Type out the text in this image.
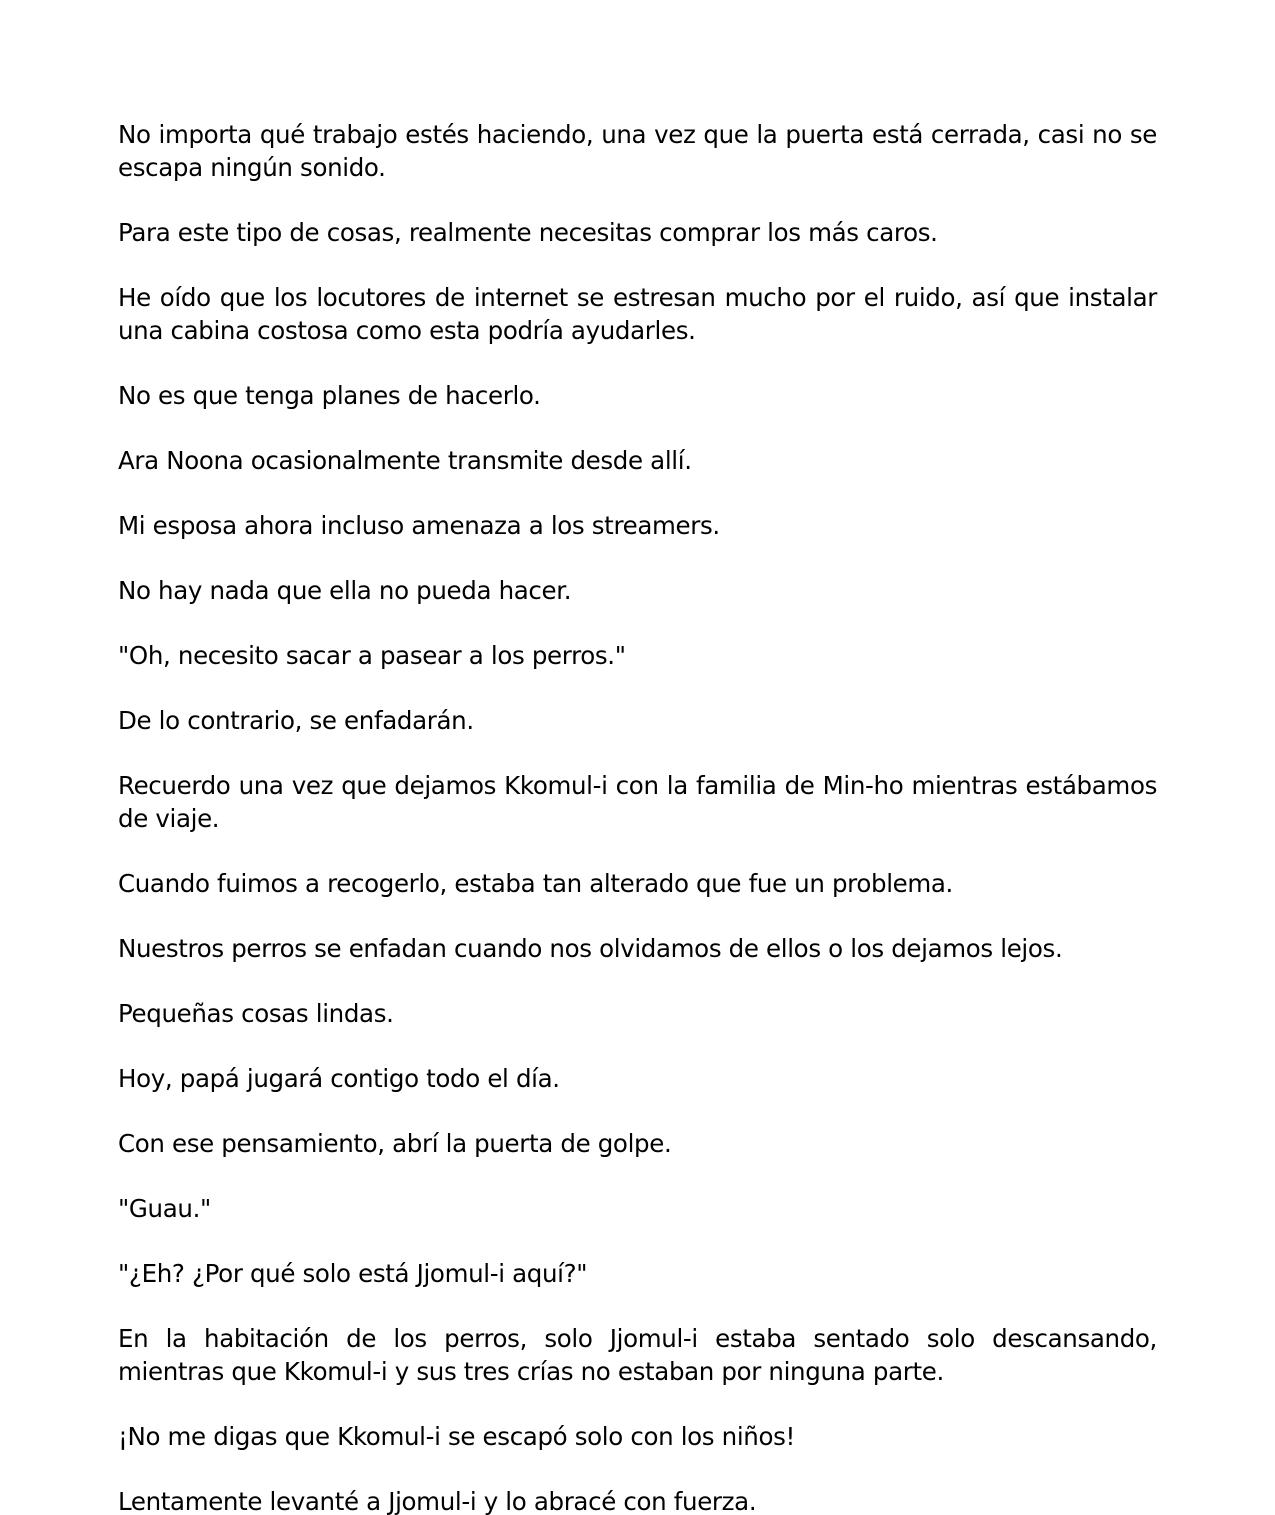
No importa qué trabajo estés haciendo, una vez que la puerta está cerrada, casi no se escapa ningún sonido.

Para este tipo de cosas, realmente necesitas comprar los más caros.

He oído que los locutores de internet se estresan mucho por el ruido, así que instalar una cabina costosa como esta podría ayudarles.

No es que tenga planes de hacerlo.

Ara Noona ocasionalmente transmite desde allí.

Mi esposa ahora incluso amenaza a los streamers.

No hay nada que ella no pueda hacer.

"Oh, necesito sacar a pasear a los perros."

De lo contrario, se enfadarán.

Recuerdo una vez que dejamos Kkomul-i con la familia de Min-ho mientras estábamos de viaje.

Cuando fuimos a recogerlo, estaba tan alterado que fue un problema.

Nuestros perros se enfadan cuando nos olvidamos de ellos o los dejamos lejos.

Pequeñas cosas lindas.

Hoy, papá jugará contigo todo el día.

Con ese pensamiento, abrí la puerta de golpe.

"Guau."

"¿Eh? ¿Por qué solo está Jjomul-i aquí?"

En la habitación de los perros, solo Jjomul-i estaba sentado solo descansando, mientras que Kkomul-i y sus tres crías no estaban por ninguna parte.

¡No me digas que Kkomul-i se escapó solo con los niños!

Lentamente levanté a Jjomul-i y lo abracé con fuerza.
